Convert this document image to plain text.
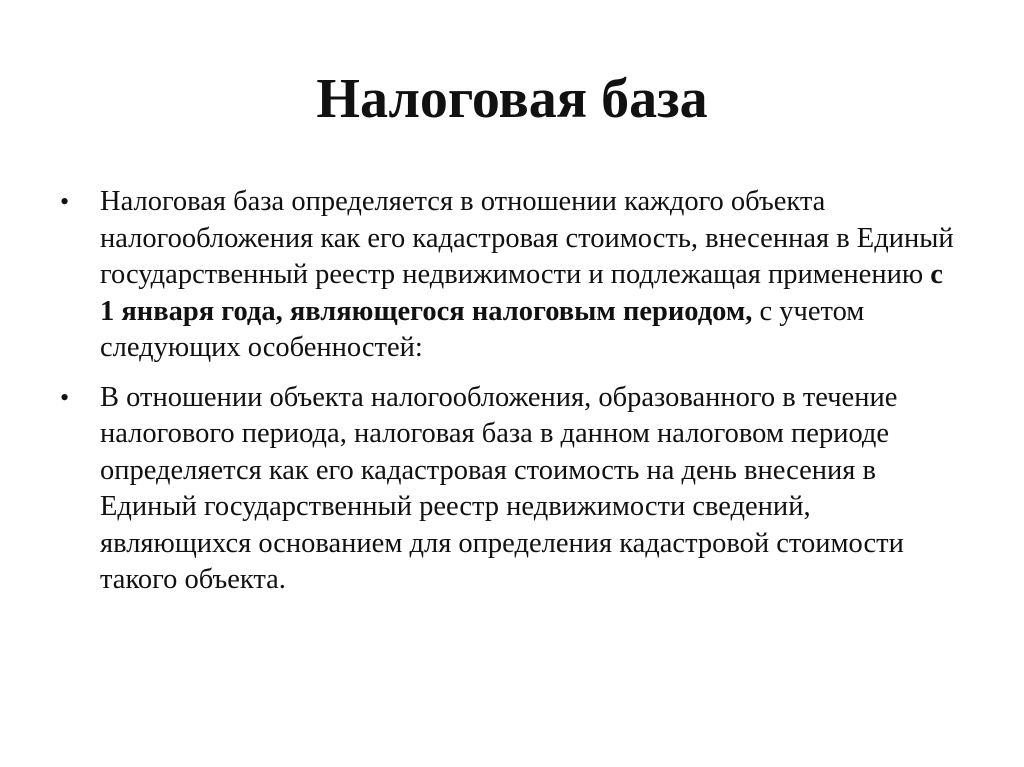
Налоговая база
•	Налоговая база определяется в отношении каждого объекта налогообложения как его кадастровая стоимость, внесенная в Единый государственный реестр недвижимости и подлежащая применению с 1 января года, являющегося налоговым периодом, с учетом следующих особенностей:
•	В отношении объекта налогообложения, образованного в течение налогового периода, налоговая база в данном налоговом периоде определяется как его кадастровая стоимость на день внесения в Единый государственный реестр недвижимости сведений, являющихся основанием для определения кадастровой стоимости такого объекта.
